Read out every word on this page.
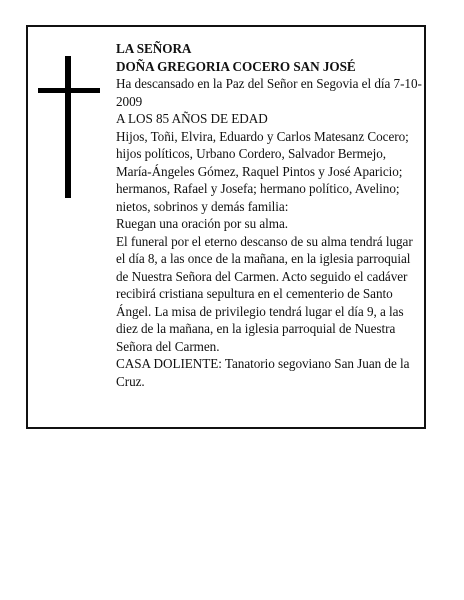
LA SEÑORA

DOÑA GREGORIA COCERO SAN JOSÉ

Ha descansado en la Paz del Señor en Segovia el día 7-10-2009

A LOS 85 AÑOS DE EDAD

Hijos, Toñi, Elvira, Eduardo y Carlos Matesanz Cocero; hijos políticos, Urbano Cordero, Salvador Bermejo, María-Ángeles Gómez, Raquel Pintos y José Aparicio; hermanos, Rafael y Josefa; hermano político, Avelino; nietos, sobrinos y demás familia:

Ruegan una oración por su alma.

El funeral por el eterno descanso de su alma tendrá lugar el día 8, a las once de la mañana, en la iglesia parroquial de Nuestra Señora del Carmen. Acto seguido el cadáver recibirá cristiana sepultura en el cementerio de Santo Ángel. La misa de privilegio tendrá lugar el día 9, a las diez de la mañana, en la iglesia parroquial de Nuestra Señora del Carmen.

CASA DOLIENTE: Tanatorio segoviano San Juan de la Cruz.
